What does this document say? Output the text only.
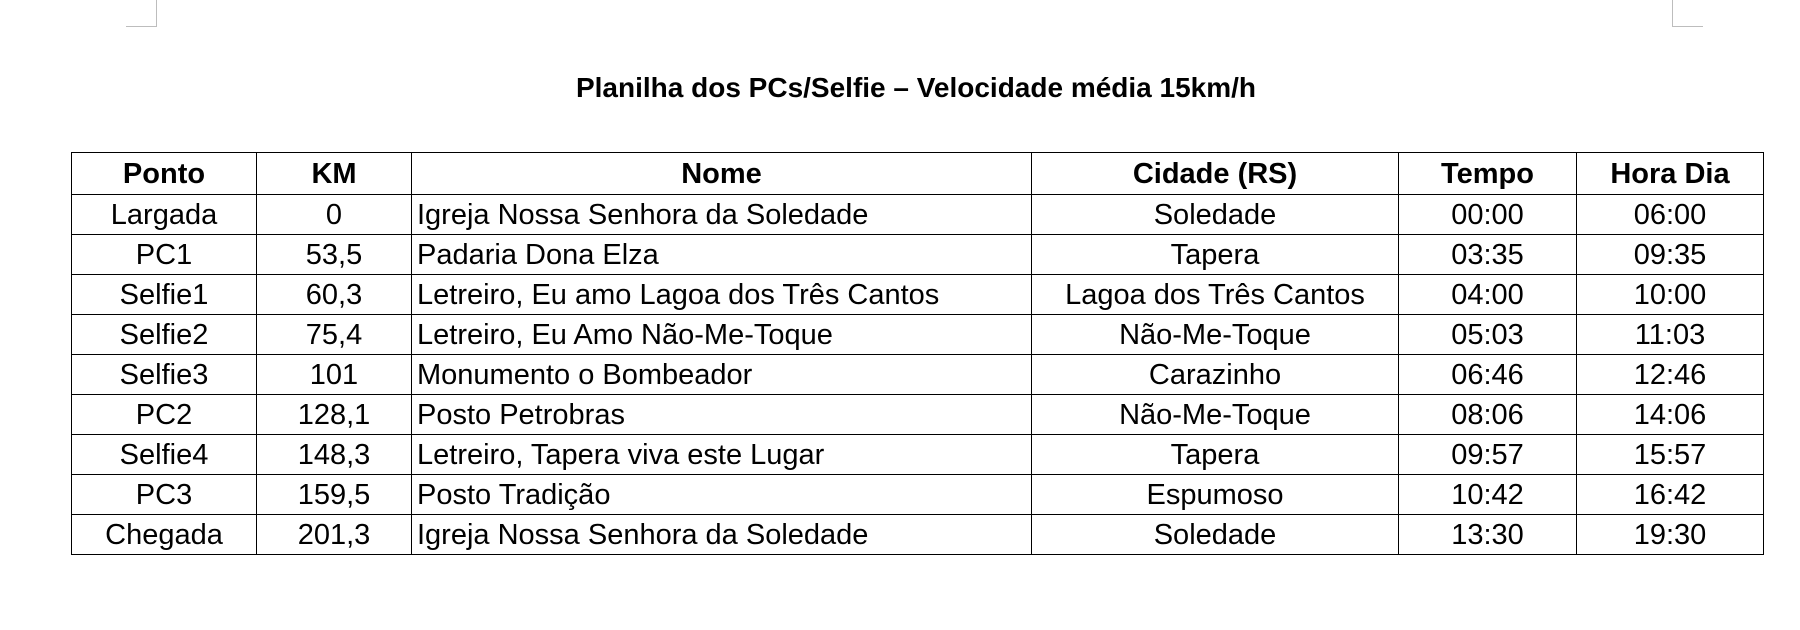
Planilha dos PCs/Selfie – Velocidade média 15km/h
Ponto	KM	Nome	Cidade (RS)	Tempo	Hora Dia
Largada	0	Igreja Nossa Senhora da Soledade	Soledade	00:00	06:00
PC1	53,5	Padaria Dona Elza	Tapera	03:35	09:35
Selfie1	60,3	Letreiro, Eu amo Lagoa dos Três Cantos	Lagoa dos Três Cantos	04:00	10:00
Selfie2	75,4	Letreiro, Eu Amo Não-Me-Toque	Não-Me-Toque	05:03	11:03
Selfie3	101	Monumento o Bombeador	Carazinho	06:46	12:46
PC2	128,1	Posto Petrobras	Não-Me-Toque	08:06	14:06
Selfie4	148,3	Letreiro, Tapera viva este Lugar	Tapera	09:57	15:57
PC3	159,5	Posto Tradição	Espumoso	10:42	16:42
Chegada	201,3	Igreja Nossa Senhora da Soledade	Soledade	13:30	19:30
